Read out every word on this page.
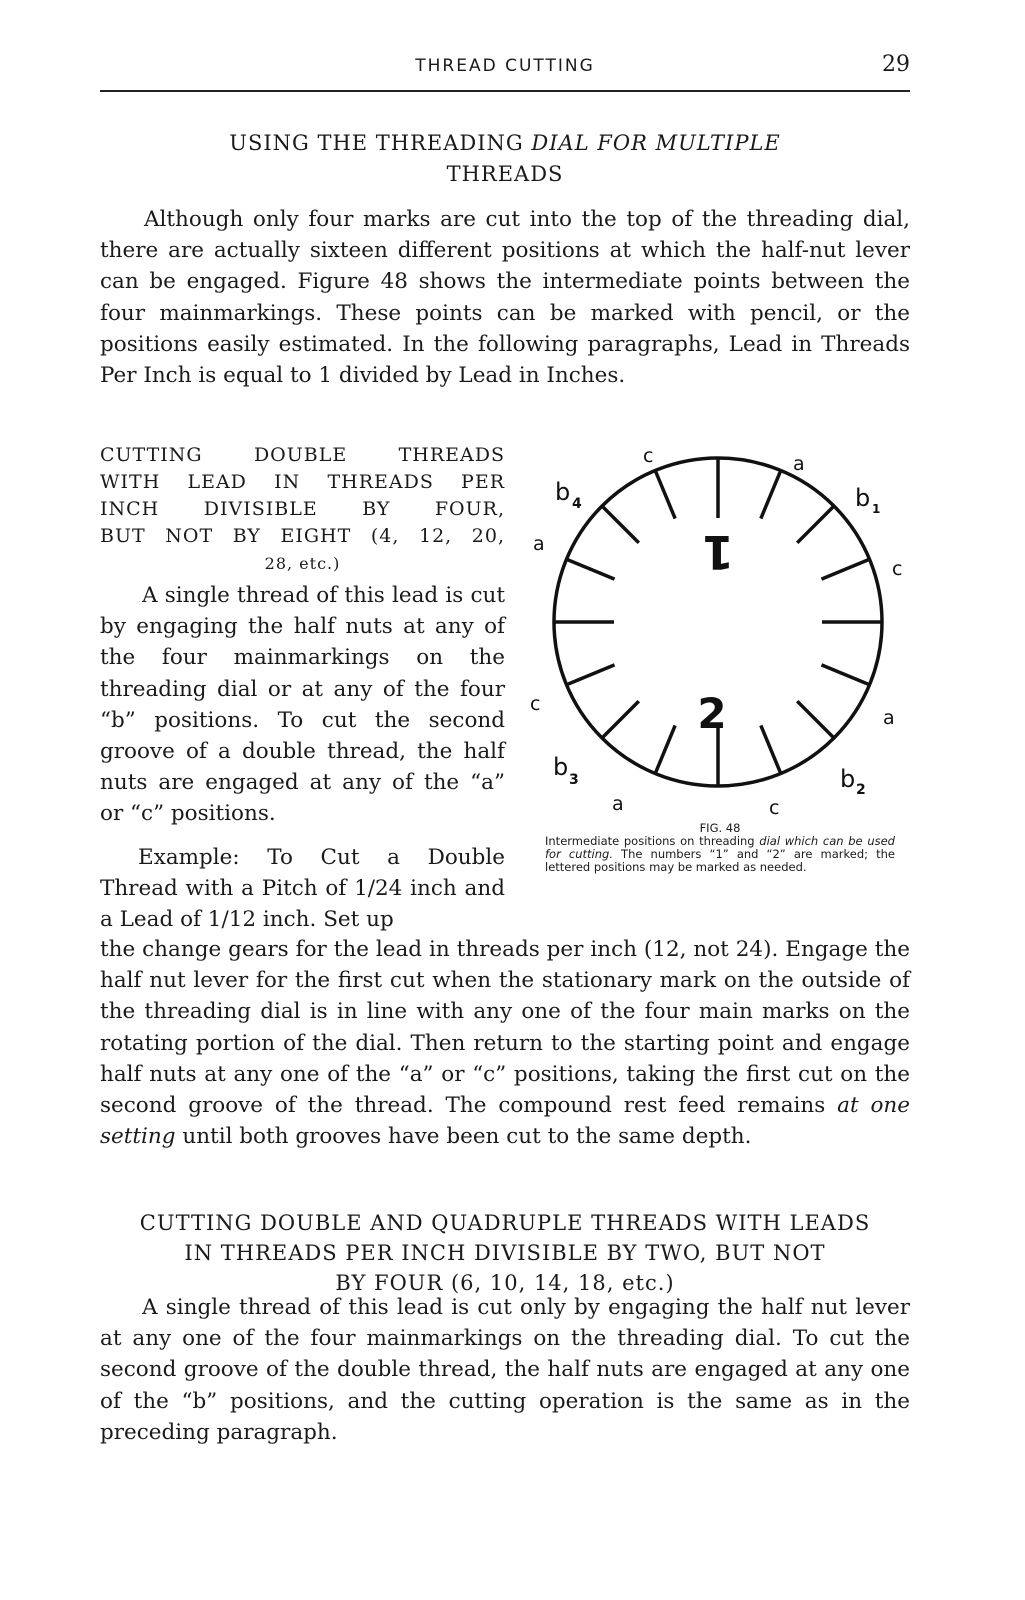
THREAD CUTTING	29
USING THE THREADING DIAL FOR MULTIPLE
THREADS

Although only four marks are cut into the top of the threading dial, there are actually sixteen different positions at which the half-nut lever can be engaged. Figure 48 shows the intermediate points between the four mainmarkings. These points can be marked with pencil, or the positions easily estimated. In the following paragraphs, Lead in Threads Per Inch is equal to 1 divided by Lead in Inches.

CUTTING DOUBLE THREADS
WITH LEAD IN THREADS PER
INCH DIVISIBLE BY FOUR,
BUT NOT BY EIGHT (4, 12, 20,
28, etc.)

A single thread of this lead is cut by engaging the half nuts at any of the four mainmarkings on the threading dial or at any of the four “b” positions. To cut the second groove of a double thread, the half nuts are engaged at any of the “a” or “c” positions.

Example: To Cut a Double Thread with a Pitch of 1/24 inch and a Lead of 1/12 inch. Set up

the change gears for the lead in threads per inch (12, not 24). Engage the half nut lever for the first cut when the stationary mark on the outside of the threading dial is in line with any one of the four main marks on the rotating portion of the dial. Then return to the starting point and engage half nuts at any one of the “a” or “c” positions, taking the first cut on the second groove of the thread. The compound rest feed remains at one setting until both grooves have been cut to the same depth.

1
2
c	a
b 4	b 1
a
c
c
a
b 3	b 2
a	c
FIG. 48
Intermediate positions on threading dial which can be used for cutting. The numbers “1” and “2” are marked; the lettered positions may be marked as needed.
CUTTING DOUBLE AND QUADRUPLE THREADS WITH LEADS
IN THREADS PER INCH DIVISIBLE BY TWO, BUT NOT
BY FOUR (6, 10, 14, 18, etc.)

A single thread of this lead is cut only by engaging the half nut lever at any one of the four mainmarkings on the threading dial. To cut the second groove of the double thread, the half nuts are engaged at any one of the “b” positions, and the cutting operation is the same as in the preceding paragraph.
